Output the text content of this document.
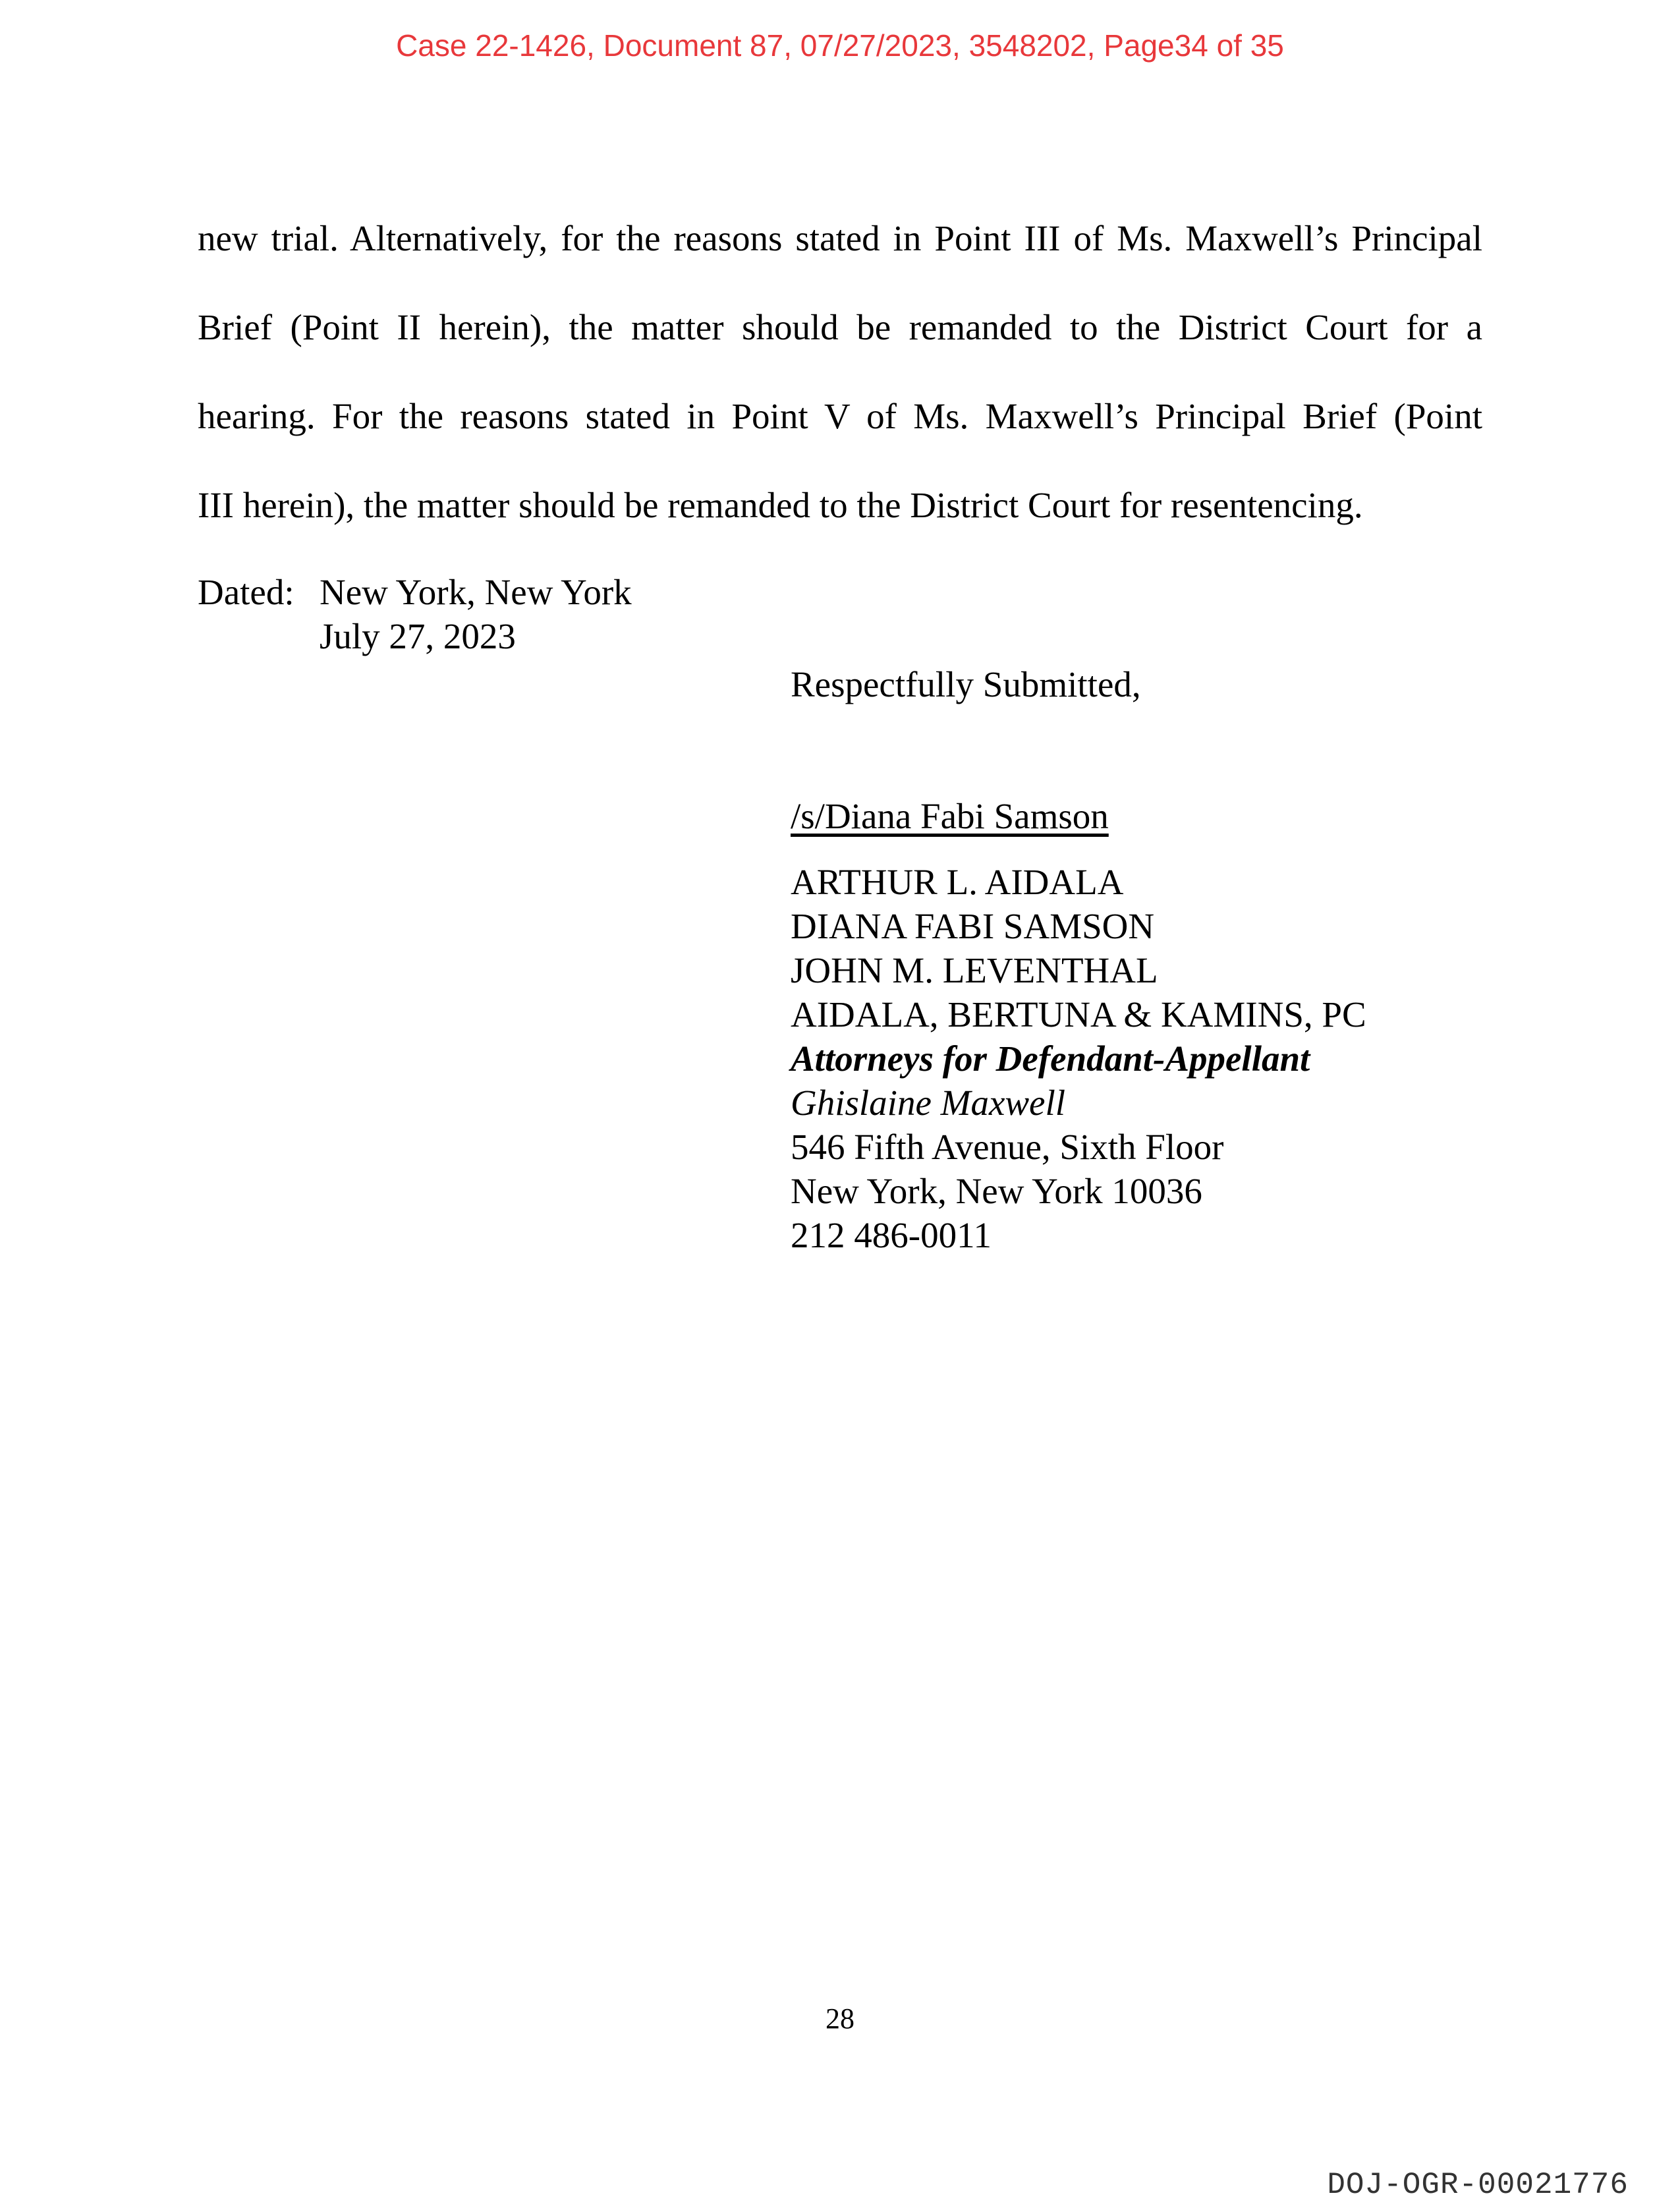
Case 22-1426, Document 87, 07/27/2023, 3548202, Page34 of 35
new trial. Alternatively, for the reasons stated in Point III of Ms. Maxwell’s Principal
Brief (Point II herein), the matter should be remanded to the District Court for a
hearing. For the reasons stated in Point V of Ms. Maxwell’s Principal Brief (Point
III herein), the matter should be remanded to the District Court for resentencing.
Dated: New York, New York
July 27, 2023
Respectfully Submitted,
/s/Diana Fabi Samson
ARTHUR L. AIDALA
DIANA FABI SAMSON
JOHN M. LEVENTHAL
AIDALA, BERTUNA & KAMINS, PC
Attorneys for Defendant-Appellant
Ghislaine Maxwell
546 Fifth Avenue, Sixth Floor
New York, New York 10036
212 486-0011
28
DOJ-OGR-00021776
